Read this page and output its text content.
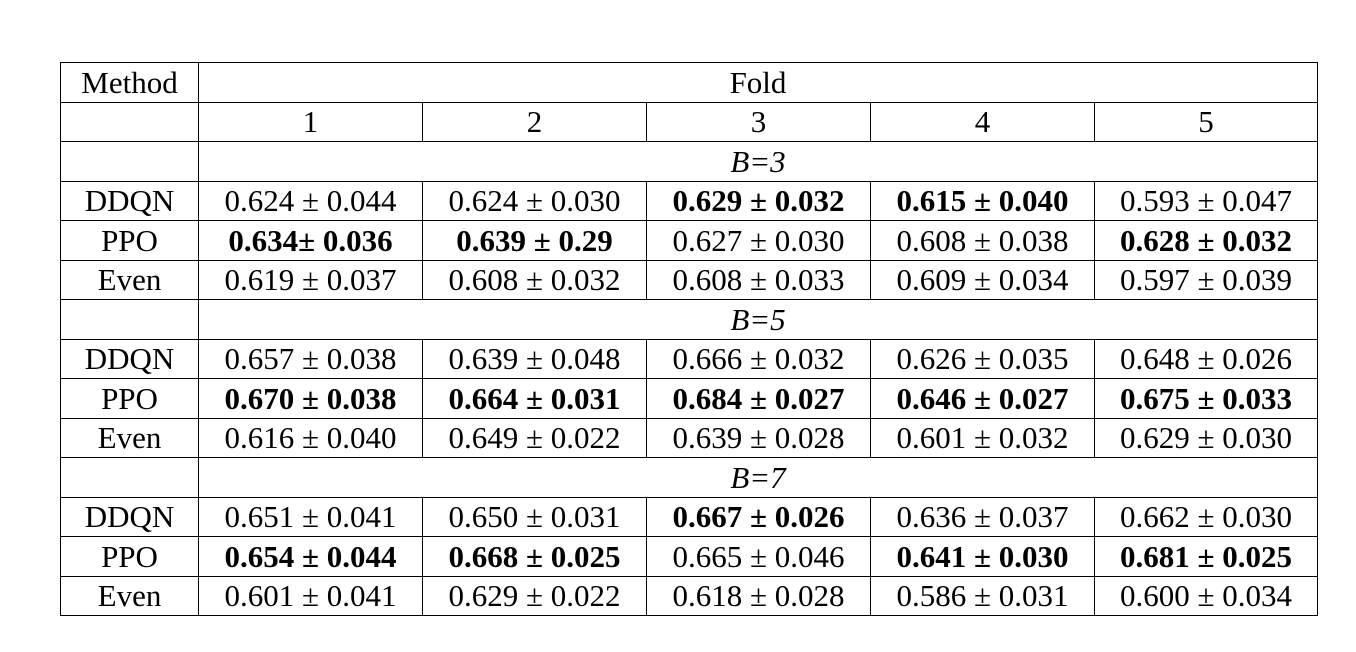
Method	Fold				
	1	2	3	4	5
	B=3				
DDQN	0.624 ± 0.044	0.624 ± 0.030	0.629 ± 0.032	0.615 ± 0.040	0.593 ± 0.047
PPO	0.634± 0.036	0.639 ± 0.29	0.627 ± 0.030	0.608 ± 0.038	0.628 ± 0.032
Even	0.619 ± 0.037	0.608 ± 0.032	0.608 ± 0.033	0.609 ± 0.034	0.597 ± 0.039
	B=5				
DDQN	0.657 ± 0.038	0.639 ± 0.048	0.666 ± 0.032	0.626 ± 0.035	0.648 ± 0.026
PPO	0.670 ± 0.038	0.664 ± 0.031	0.684 ± 0.027	0.646 ± 0.027	0.675 ± 0.033
Even	0.616 ± 0.040	0.649 ± 0.022	0.639 ± 0.028	0.601 ± 0.032	0.629 ± 0.030
	B=7				
DDQN	0.651 ± 0.041	0.650 ± 0.031	0.667 ± 0.026	0.636 ± 0.037	0.662 ± 0.030
PPO	0.654 ± 0.044	0.668 ± 0.025	0.665 ± 0.046	0.641 ± 0.030	0.681 ± 0.025
Even	0.601 ± 0.041	0.629 ± 0.022	0.618 ± 0.028	0.586 ± 0.031	0.600 ± 0.034
